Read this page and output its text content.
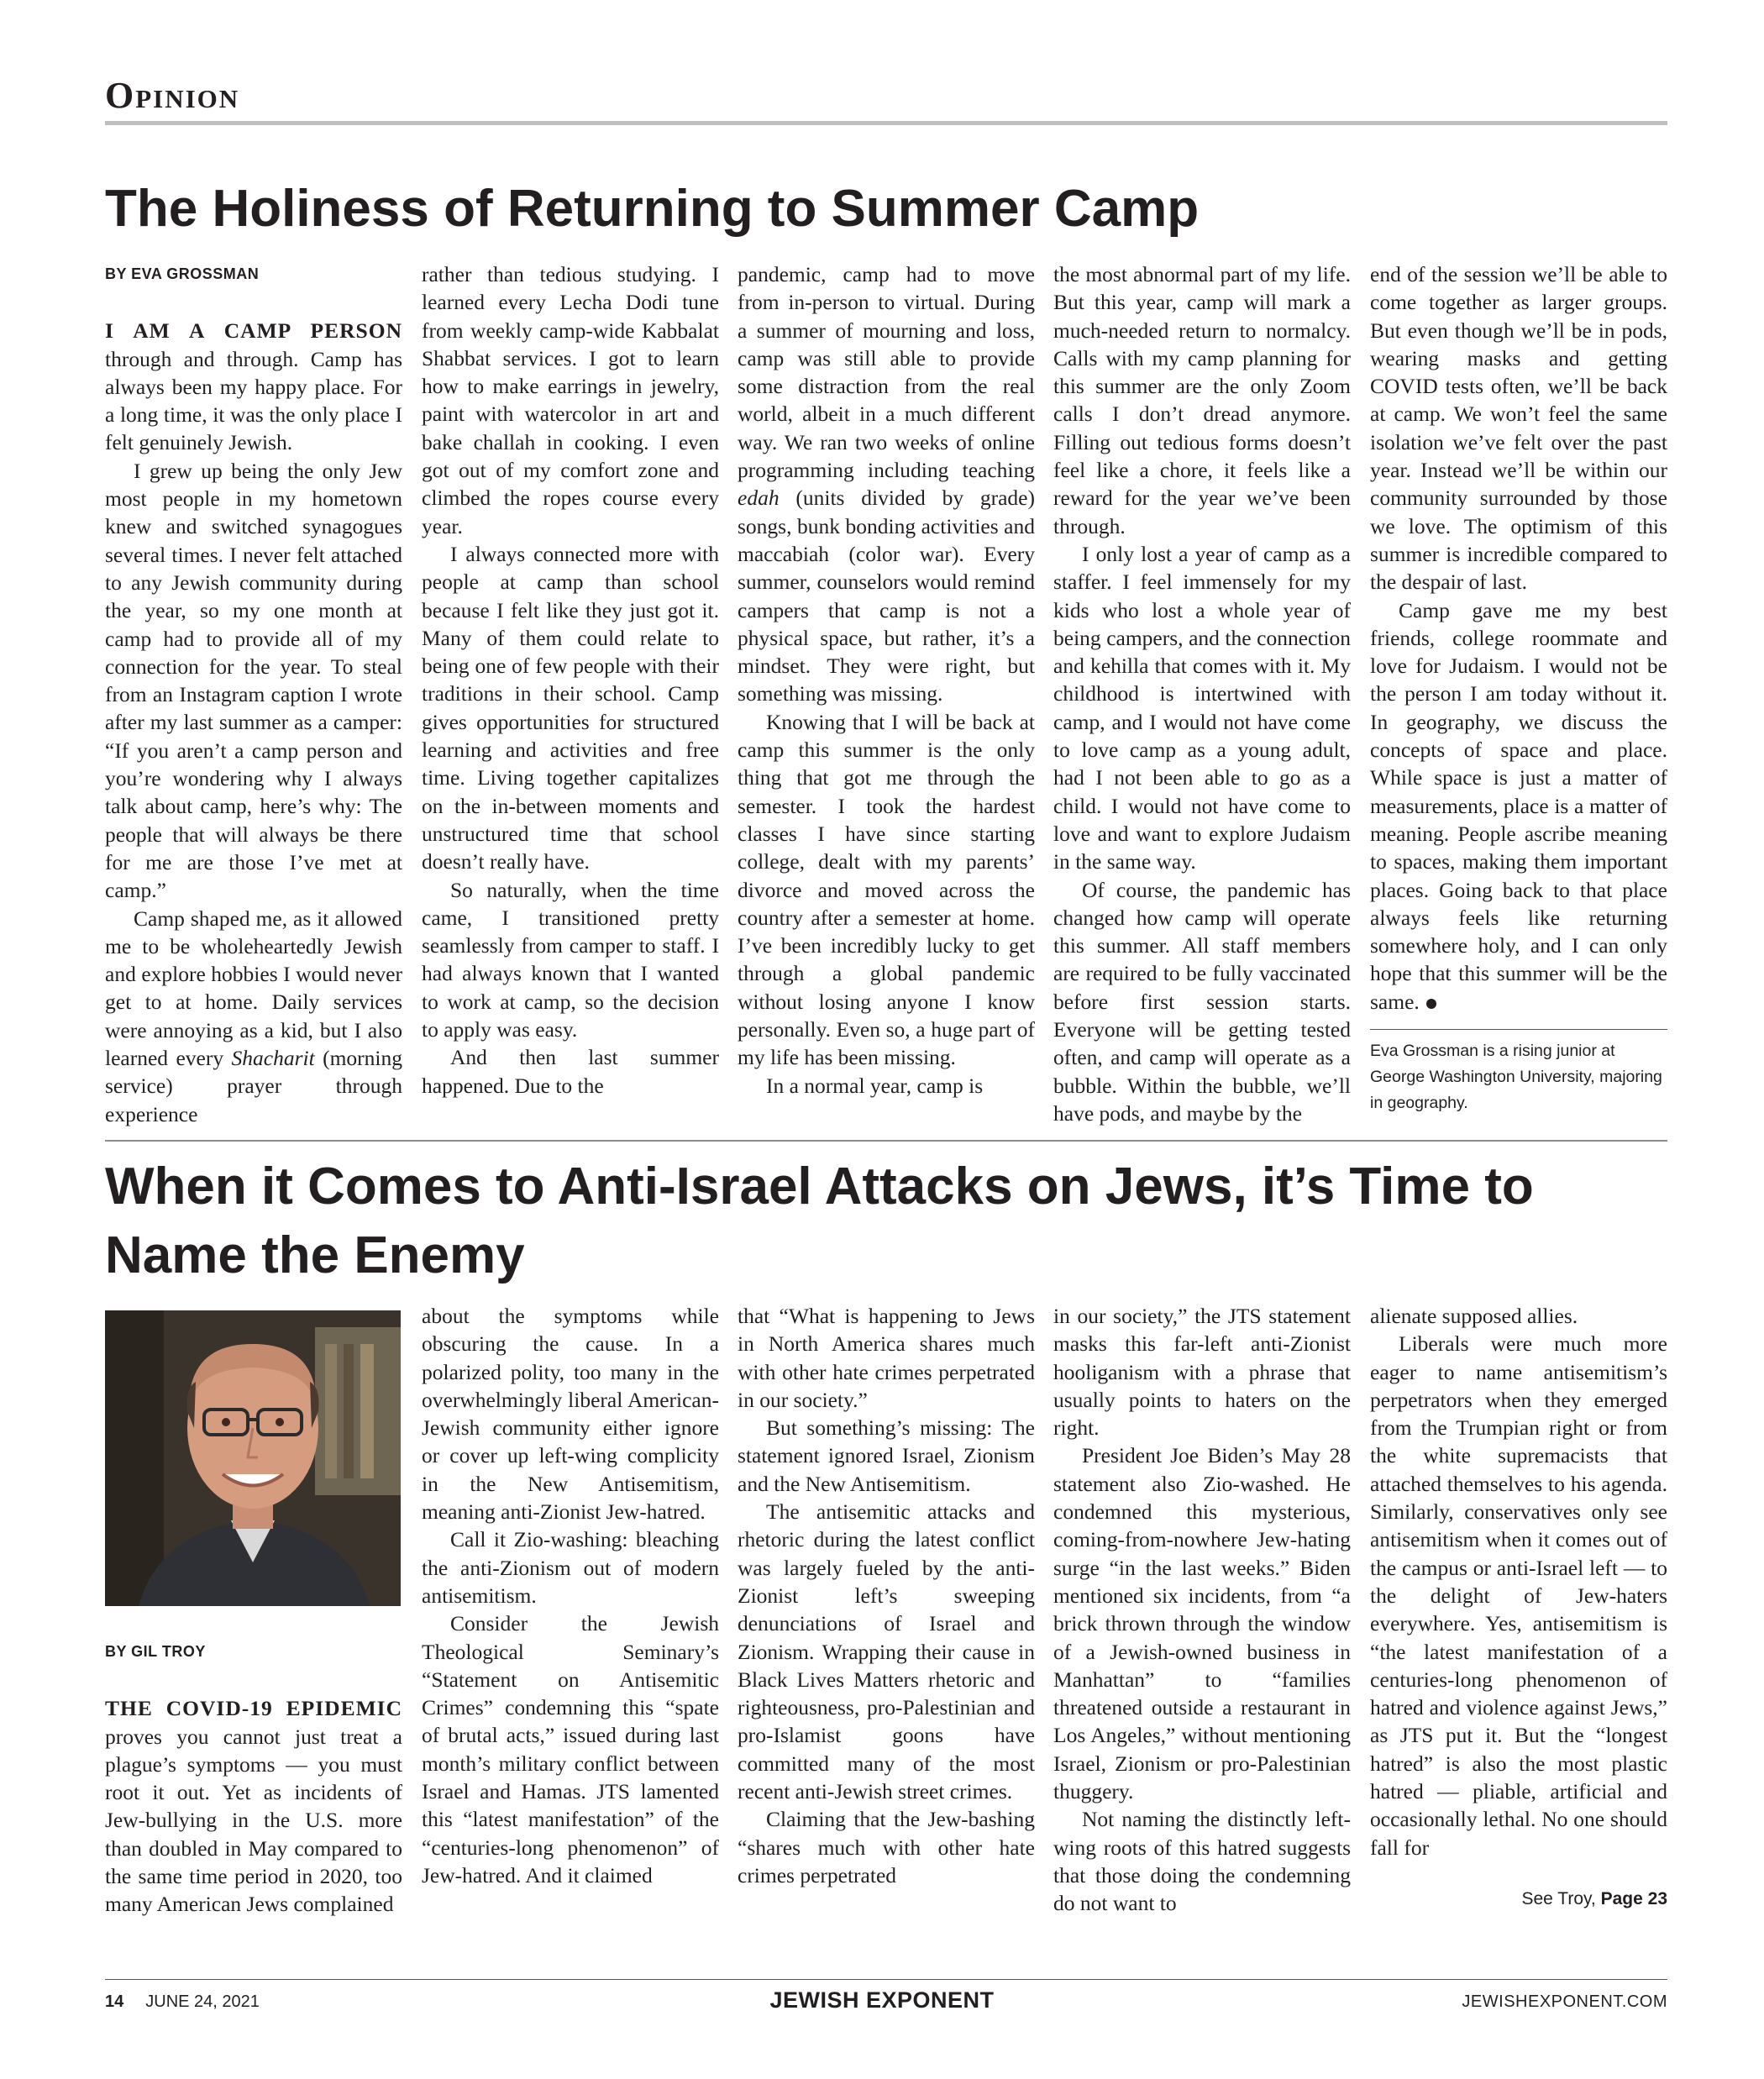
Opinion
The Holiness of Returning to Summer Camp
BY EVA GROSSMAN

I AM A CAMP PERSON through and through. Camp has always been my happy place. For a long time, it was the only place I felt genuinely Jewish.

I grew up being the only Jew most people in my hometown knew and switched synagogues several times. I never felt attached to any Jewish community during the year, so my one month at camp had to provide all of my connection for the year. To steal from an Instagram caption I wrote after my last summer as a camper: “If you aren’t a camp person and you’re wondering why I always talk about camp, here’s why: The people that will always be there for me are those I’ve met at camp.”

Camp shaped me, as it allowed me to be wholeheartedly Jewish and explore hobbies I would never get to at home. Daily services were annoying as a kid, but I also learned every Shacharit (morning service) prayer through experience

rather than tedious studying. I learned every Lecha Dodi tune from weekly camp-wide Kabbalat Shabbat services. I got to learn how to make earrings in jewelry, paint with watercolor in art and bake challah in cooking. I even got out of my comfort zone and climbed the ropes course every year.

I always connected more with people at camp than school because I felt like they just got it. Many of them could relate to being one of few people with their traditions in their school. Camp gives opportunities for structured learning and activities and free time. Living together capitalizes on the in-between moments and unstructured time that school doesn’t really have.

So naturally, when the time came, I transitioned pretty seamlessly from camper to staff. I had always known that I wanted to work at camp, so the decision to apply was easy.

And then last summer happened. Due to the

pandemic, camp had to move from in-person to virtual. During a summer of mourning and loss, camp was still able to provide some distraction from the real world, albeit in a much different way. We ran two weeks of online programming including teaching edah (units divided by grade) songs, bunk bonding activities and maccabiah (color war). Every summer, counselors would remind campers that camp is not a physical space, but rather, it’s a mindset. They were right, but something was missing.

Knowing that I will be back at camp this summer is the only thing that got me through the semester. I took the hardest classes I have since starting college, dealt with my parents’ divorce and moved across the country after a semester at home. I’ve been incredibly lucky to get through a global pandemic without losing anyone I know personally. Even so, a huge part of my life has been missing.

In a normal year, camp is

the most abnormal part of my life. But this year, camp will mark a much-needed return to normalcy. Calls with my camp planning for this summer are the only Zoom calls I don’t dread anymore. Filling out tedious forms doesn’t feel like a chore, it feels like a reward for the year we’ve been through.

I only lost a year of camp as a staffer. I feel immensely for my kids who lost a whole year of being campers, and the connection and kehilla that comes with it. My childhood is intertwined with camp, and I would not have come to love camp as a young adult, had I not been able to go as a child. I would not have come to love and want to explore Judaism in the same way.

Of course, the pandemic has changed how camp will operate this summer. All staff members are required to be fully vaccinated before first session starts. Everyone will be getting tested often, and camp will operate as a bubble. Within the bubble, we’ll have pods, and maybe by the

end of the session we’ll be able to come together as larger groups. But even though we’ll be in pods, wearing masks and getting COVID tests often, we’ll be back at camp. We won’t feel the same isolation we’ve felt over the past year. Instead we’ll be within our community surrounded by those we love. The optimism of this summer is incredible compared to the despair of last.

Camp gave me my best friends, college roommate and love for Judaism. I would not be the person I am today without it. In geography, we discuss the concepts of space and place. While space is just a matter of measurements, place is a matter of meaning. People ascribe meaning to spaces, making them important places. Going back to that place always feels like returning somewhere holy, and I can only hope that this summer will be the same.

Eva Grossman is a rising junior at George Washington University, majoring in geography.
When it Comes to Anti-Israel Attacks on Jews, it’s Time to Name the Enemy
BY GIL TROY

THE COVID-19 EPIDEMIC proves you cannot just treat a plague’s symptoms — you must root it out. Yet as incidents of Jew-bullying in the U.S. more than doubled in May compared to the same time period in 2020, too many American Jews complained

about the symptoms while obscuring the cause. In a polarized polity, too many in the overwhelmingly liberal American-Jewish community either ignore or cover up left-wing complicity in the New Antisemitism, meaning anti-Zionist Jew-hatred.

Call it Zio-washing: bleaching the anti-Zionism out of modern antisemitism.

Consider the Jewish Theological Seminary’s “Statement on Antisemitic Crimes” condemning this “spate of brutal acts,” issued during last month’s military conflict between Israel and Hamas. JTS lamented this “latest manifestation” of the “centuries-long phenomenon” of Jew-hatred. And it claimed

that “What is happening to Jews in North America shares much with other hate crimes perpetrated in our society.”

But something’s missing: The statement ignored Israel, Zionism and the New Antisemitism.

The antisemitic attacks and rhetoric during the latest conflict was largely fueled by the anti-Zionist left’s sweeping denunciations of Israel and Zionism. Wrapping their cause in Black Lives Matters rhetoric and righteousness, pro-Palestinian and pro-Islamist goons have committed many of the most recent anti-Jewish street crimes.

Claiming that the Jew-bashing “shares much with other hate crimes perpetrated

in our society,” the JTS statement masks this far-left anti-Zionist hooliganism with a phrase that usually points to haters on the right.

President Joe Biden’s May 28 statement also Zio-washed. He condemned this mysterious, coming-from-nowhere Jew-hating surge “in the last weeks.” Biden mentioned six incidents, from “a brick thrown through the window of a Jewish-owned business in Manhattan” to “families threatened outside a restaurant in Los Angeles,” without mentioning Israel, Zionism or pro-Palestinian thuggery.

Not naming the distinctly left-wing roots of this hatred suggests that those doing the condemning do not want to

alienate supposed allies.

Liberals were much more eager to name antisemitism’s perpetrators when they emerged from the Trumpian right or from the white supremacists that attached themselves to his agenda. Similarly, conservatives only see antisemitism when it comes out of the campus or anti-Israel left — to the delight of Jew-haters everywhere. Yes, antisemitism is “the latest manifestation of a centuries-long phenomenon of hatred and violence against Jews,” as JTS put it. But the “longest hatred” is also the most plastic hatred — pliable, artificial and occasionally lethal. No one should fall for

See Troy, Page 23
14 JUNE 24, 2021	JEWISH EXPONENT	JEWISHEXPONENT.COM
